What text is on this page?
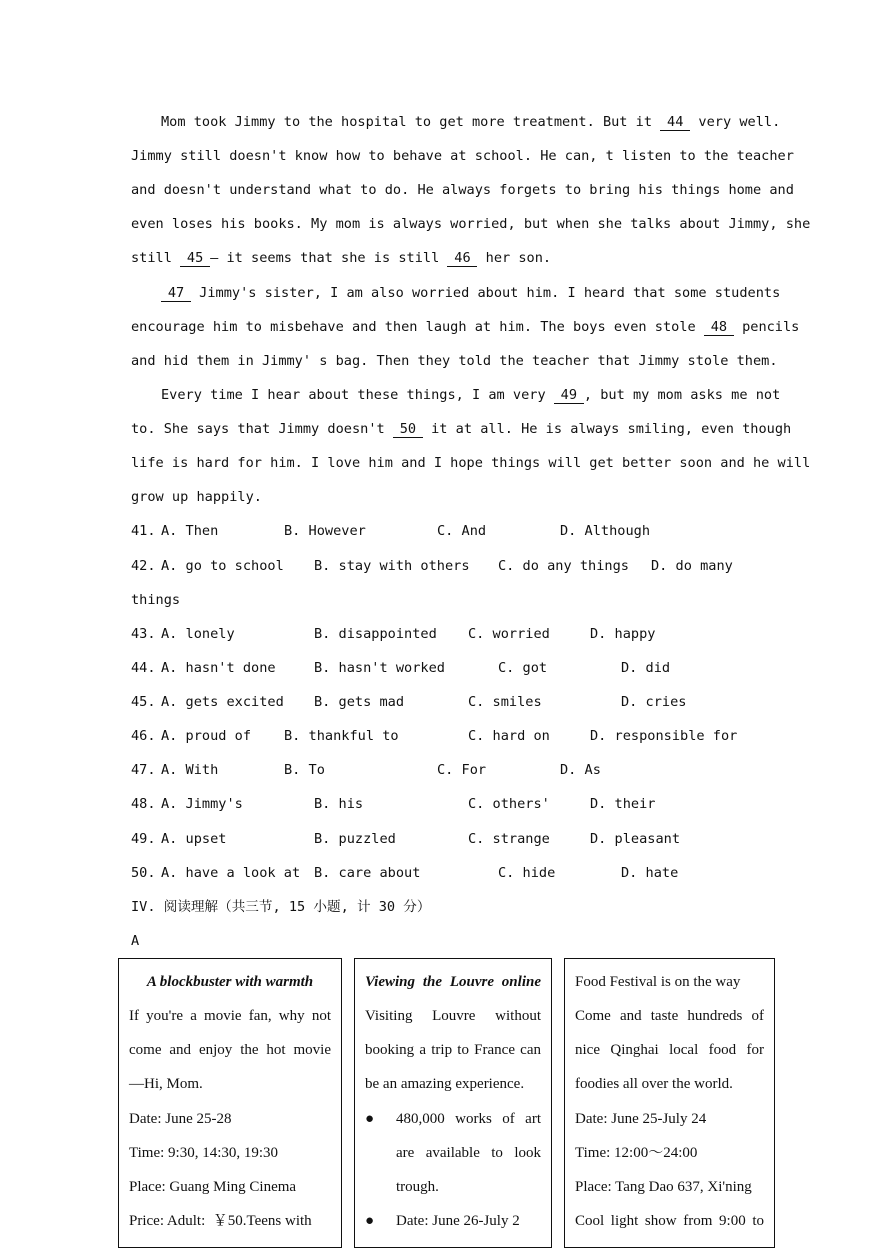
Mom took Jimmy to the hospital to get more treatment. But it 44 very well.
Jimmy still doesn't know how to behave at school. He can, t listen to the teacher
and doesn't understand what to do. He always forgets to bring his things home and
even loses his books. My mom is always worried, but when she talks about Jimmy, she
still 45 — it seems that she is still 46 her son.
47 Jimmy's sister, I am also worried about him. I heard that some students
encourage him to misbehave and then laugh at him. The boys even stole 48 pencils
and hid them in Jimmy' s bag. Then they told the teacher that Jimmy stole them.
Every time I hear about these things, I am very 49 , but my mom asks me not
to. She says that Jimmy doesn't 50 it at all. He is always smiling, even though
life is hard for him. I love him and I hope things will get better soon and he will
grow up happily.
41. A. Then	B. However	C. And	D. Although
42. A. go to school B. stay with others C. do any things D. do many
things
43. A. lonely	B. disappointed C. worried	D. happy
44. A. hasn't done	B. hasn't worked	C. got	D. did
45. A. gets excited B. gets mad	C. smiles	D. cries
46. A. proud of B. thankful to	C. hard on	D. responsible for
47. A. With	B. To	C. For	D. As
48. A. Jimmy's	B. his	C. others'	D. their
49. A. upset	B. puzzled	C. strange	D. pleasant
50. A. have a look at B. care about	C. hide	D. hate
IV. 阅读理解（共三节, 15 小题, 计 30 分）
A
A blockbuster with warmth
If you're a movie fan, why not
come and enjoy the hot movie
—Hi, Mom.
Date: June 25-28
Time: 9:30, 14:30, 19:30
Place: Guang Ming Cinema
Price: Adult: ￥50.Teens with
Viewing the Louvre online
Visiting Louvre without
booking a trip to France can
be an amazing experience.
● 480,000 works of art
are available to look
trough.
● Date: June 26-July 2
Food Festival is on the way
Come and taste hundreds of
nice Qinghai local food for
foodies all over the world.
Date: June 25-July 24
Time: 12:00～24:00
Place: Tang Dao 637, Xi'ning
Cool light show from 9:00 to
